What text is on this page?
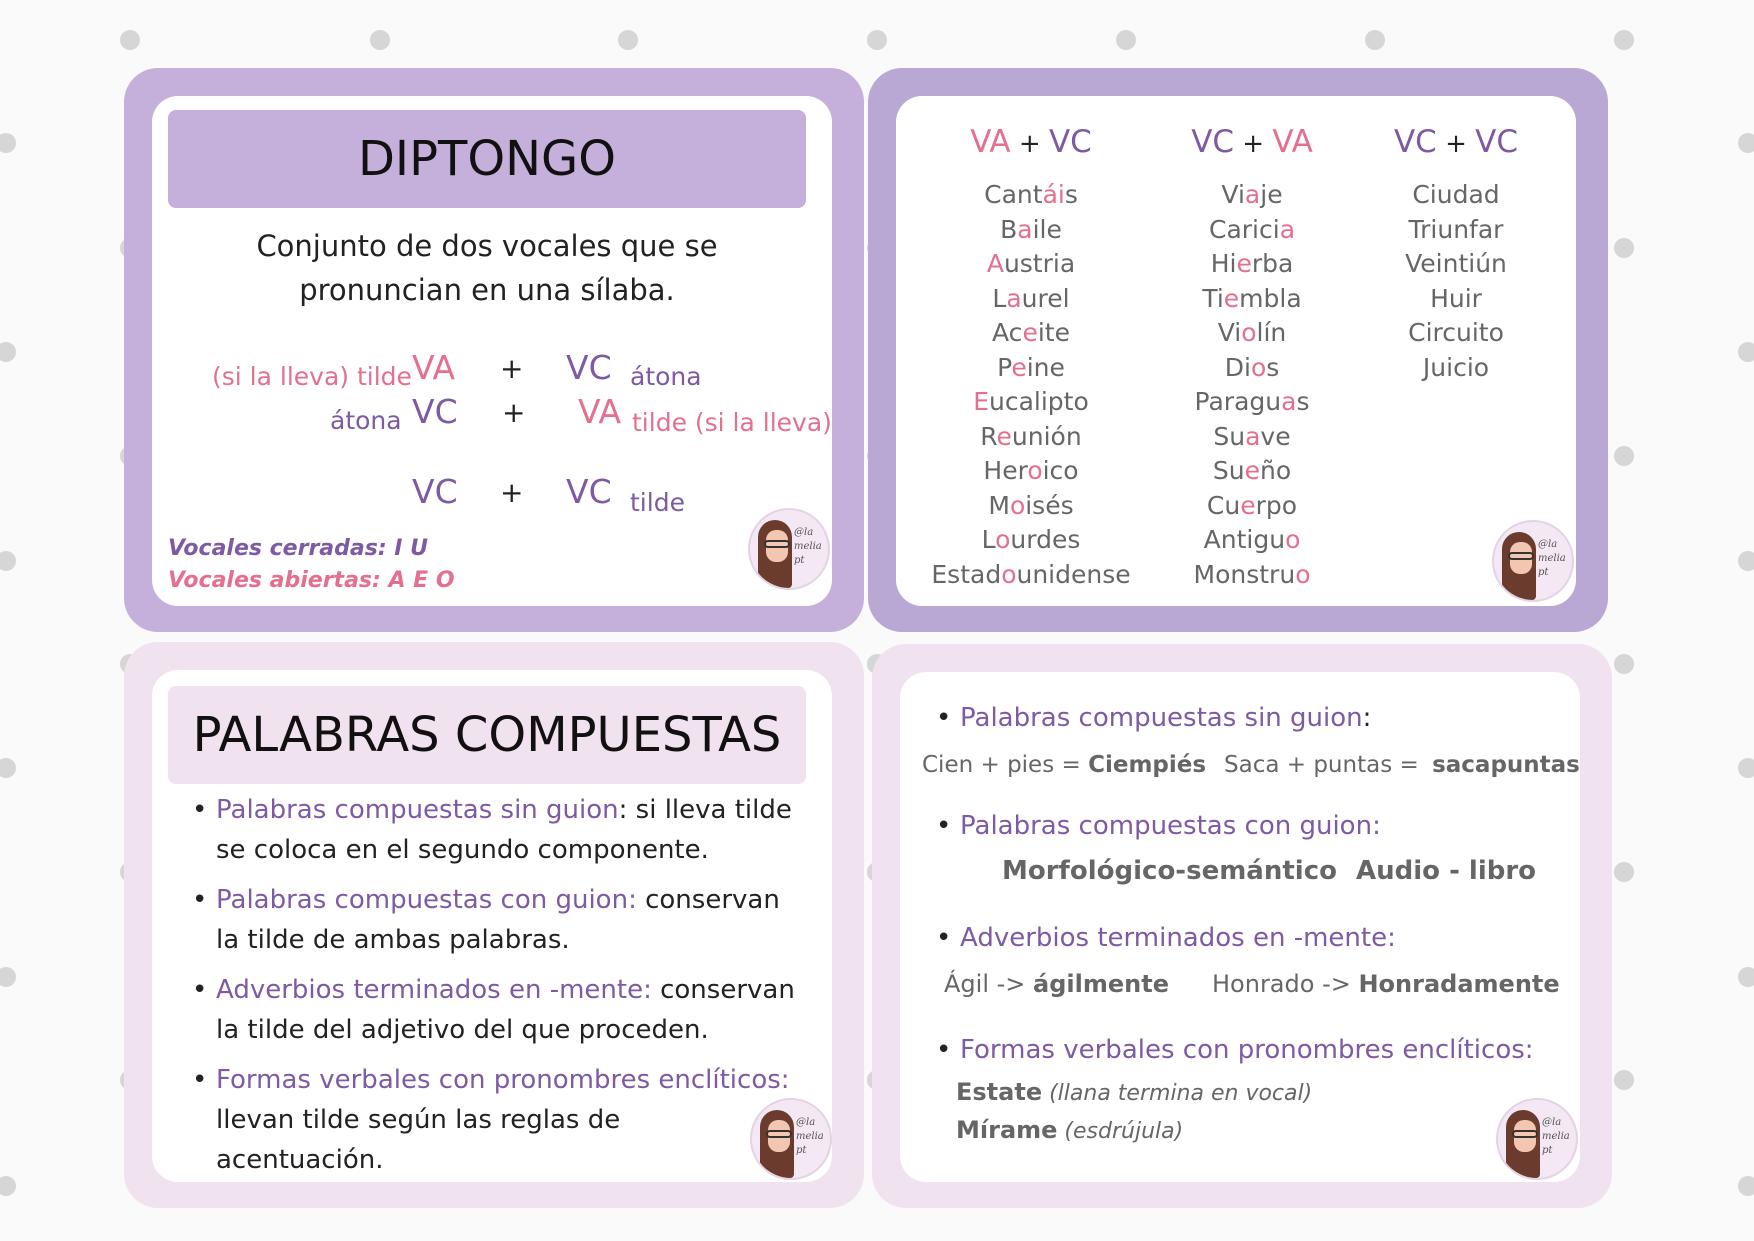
DIPTONGO
Conjunto de dos vocales que se
pronuncian en una sílaba.
(si la lleva) tilde VA + VC átona
átona VC + VA tilde (si la lleva)
VC + VC tilde
Vocales cerradas: I U
Vocales abiertas: A E O
@la melia pt
VA + VC
Cantáis
Baile
Austria
Laurel
Aceite
Peine
Eucalipto
Reunión
Heroico
Moisés
Lourdes
Estadounidense
VC + VA
Viaje
Caricia
Hierba
Tiembla
Violín
Dios
Paraguas
Suave
Sueño
Cuerpo
Antiguo
Monstruo
VC + VC
Ciudad
Triunfar
Veintiún
Huir
Circuito
Juicio
@la melia pt
PALABRAS COMPUESTAS
• Palabras compuestas sin guion: si lleva tilde
se coloca en el segundo componente.
• Palabras compuestas con guion: conservan
la tilde de ambas palabras.
• Adverbios terminados en -mente: conservan
la tilde del adjetivo del que proceden.
• Formas verbales con pronombres enclíticos:
llevan tilde según las reglas de
acentuación.
@la melia pt
• Palabras compuestas sin guion:
Cien + pies = Ciempiés Saca + puntas = sacapuntas
• Palabras compuestas con guion:
Morfológico-semántico Audio - libro
• Adverbios terminados en -mente:
Ágil -> ágilmente Honrado -> Honradamente
• Formas verbales con pronombres enclíticos:
Estate (llana termina en vocal)
Mírame (esdrújula)	@la melia pt
